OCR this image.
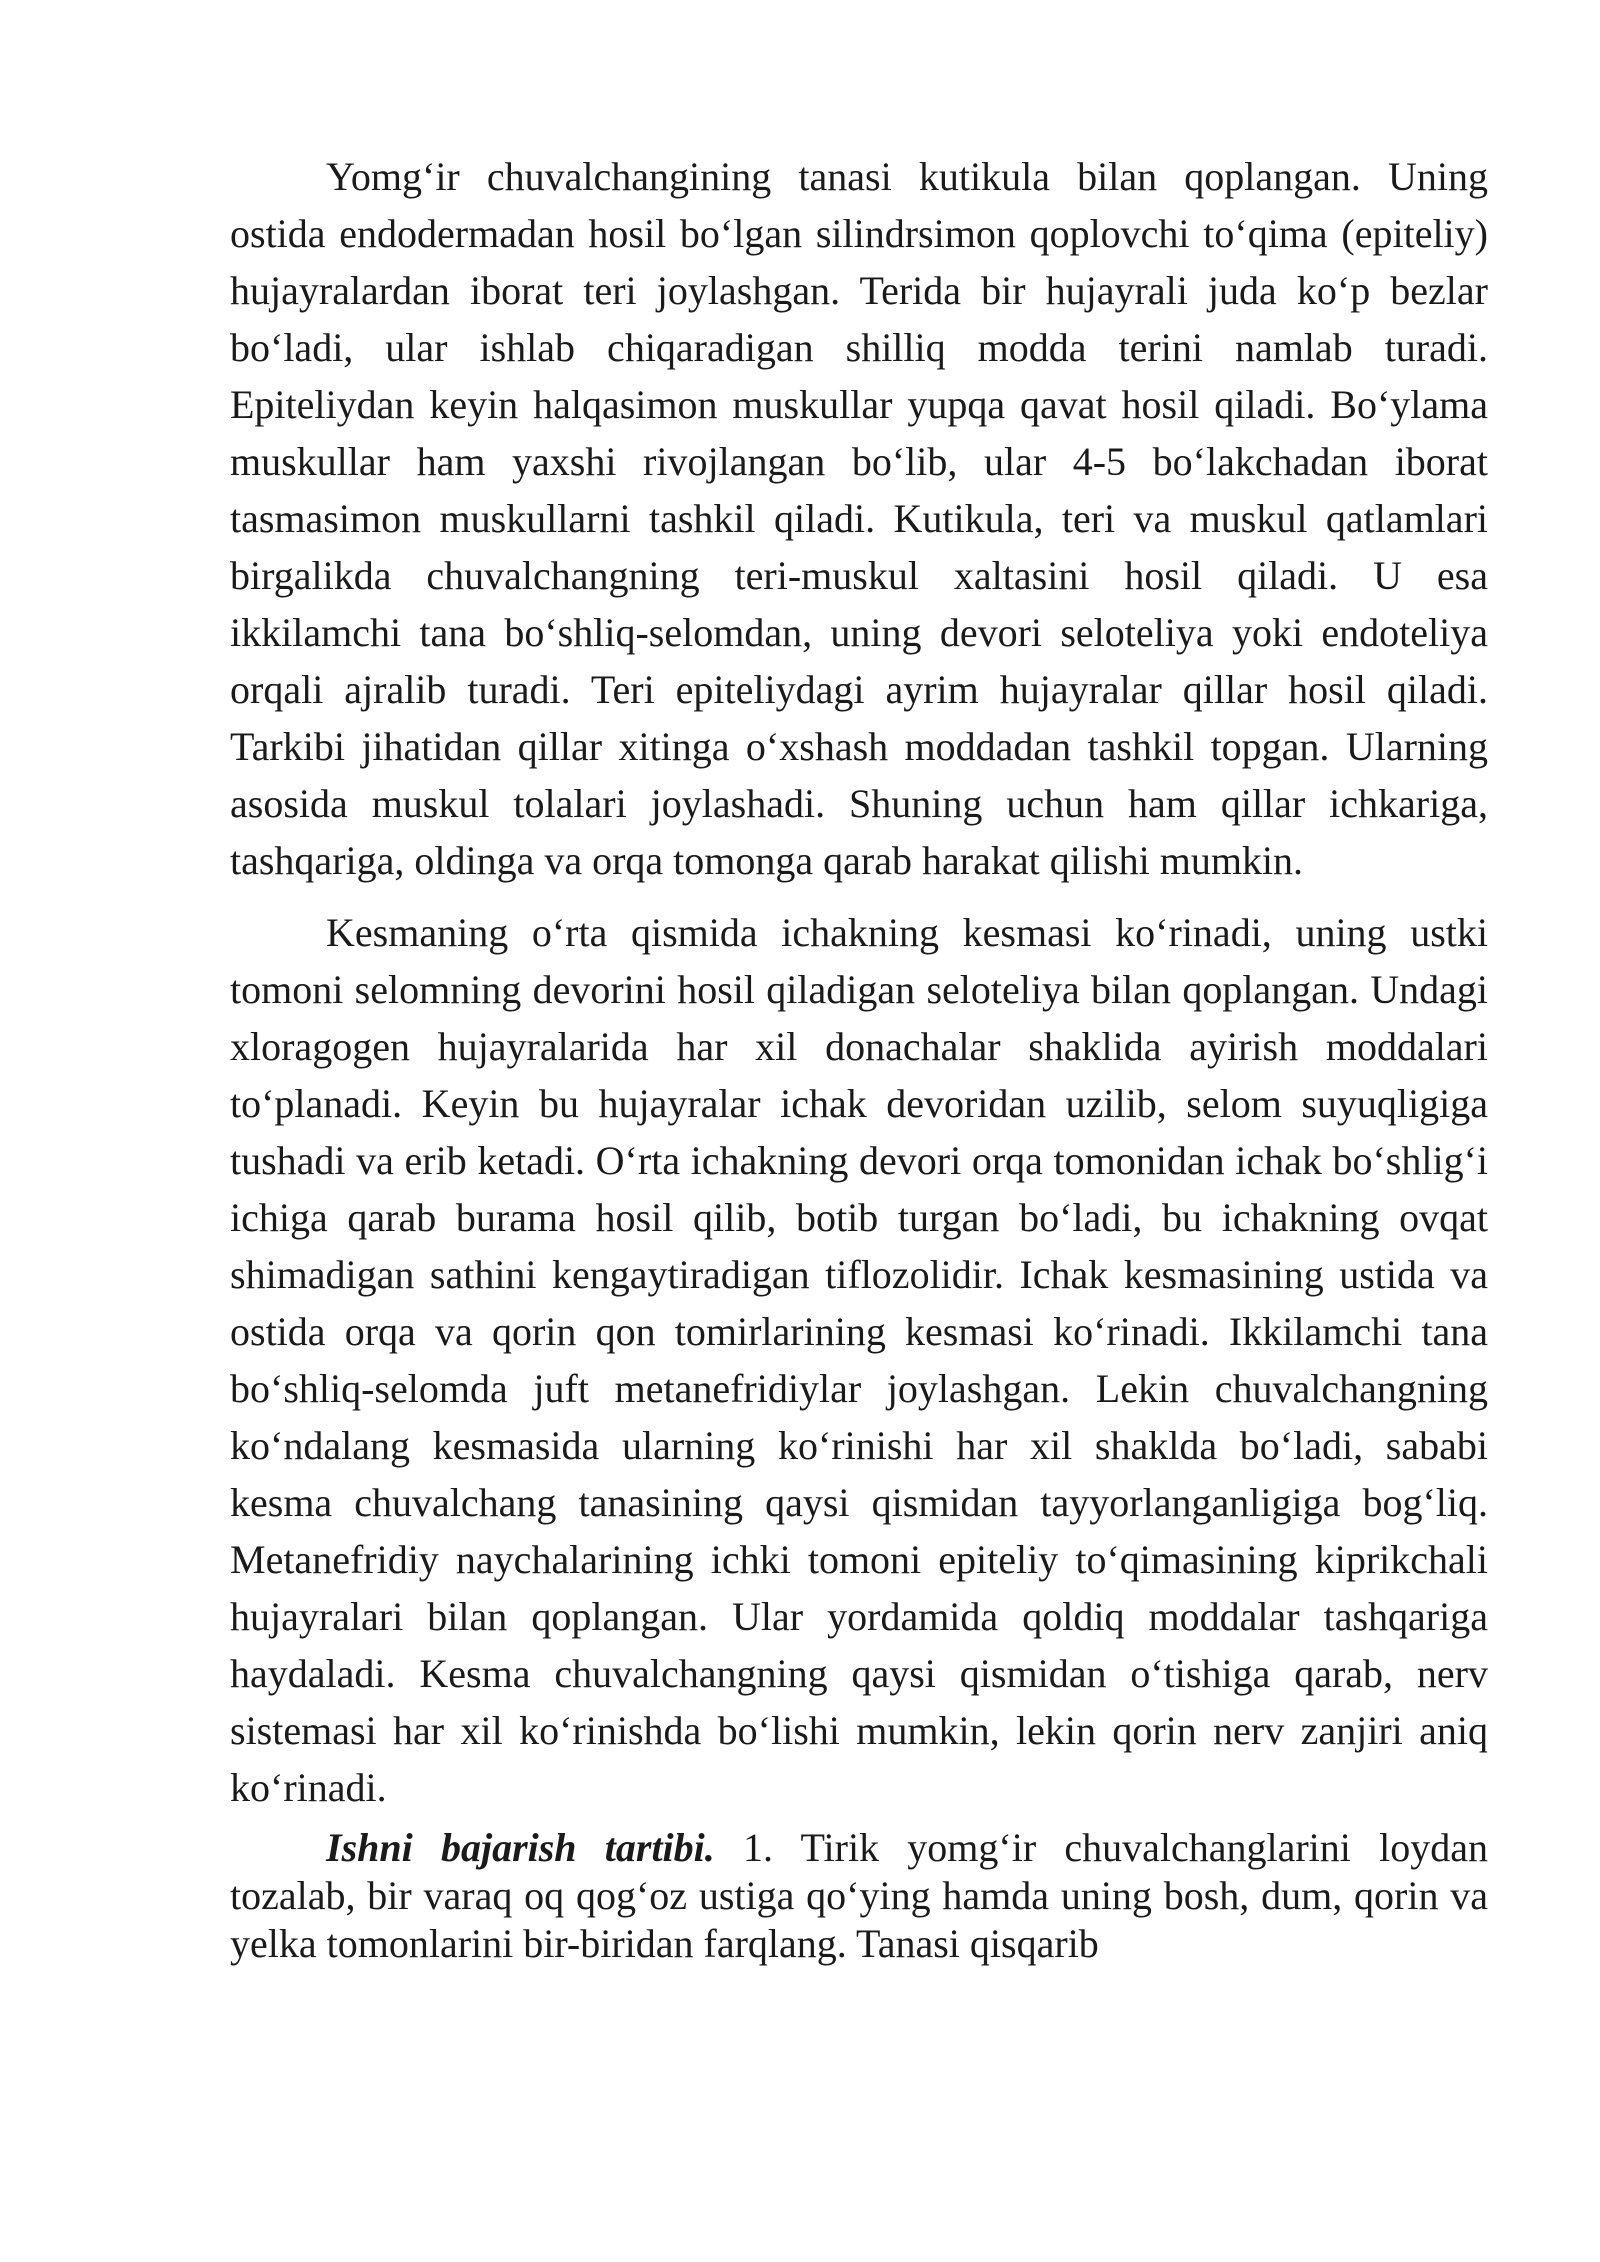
Yomg‘ir chuvalchangining tanasi kutikula bilan qoplangan. Uning ostida endodermadan hosil bo‘lgan silindrsimon qoplovchi to‘qima (epiteliy) hujayralardan iborat teri joylashgan. Terida bir hujayrali juda ko‘p bezlar bo‘ladi, ular ishlab chiqaradigan shilliq modda terini namlab turadi. Epiteliydan keyin halqasimon muskullar yupqa qavat hosil qiladi. Bo‘ylama muskullar ham yaxshi rivojlangan bo‘lib, ular 4-5 bo‘lakchadan iborat tasmasimon muskullarni tashkil qiladi. Kutikula, teri va muskul qatlamlari birgalikda chuvalchangning teri-muskul xaltasini hosil qiladi. U esa ikkilamchi tana bo‘shliq-selomdan, uning devori seloteliya yoki endoteliya orqali ajralib turadi. Teri epiteliydagi ayrim hujayralar qillar hosil qiladi. Tarkibi jihatidan qillar xitinga o‘xshash moddadan tashkil topgan. Ularning asosida muskul tolalari joylashadi. Shuning uchun ham qillar ichkariga, tashqariga, oldinga va orqa tomonga qarab harakat qilishi mumkin.

Kesmaning o‘rta qismida ichakning kesmasi ko‘rinadi, uning ustki tomoni selomning devorini hosil qiladigan seloteliya bilan qoplangan. Undagi xloragogen hujayralarida har xil donachalar shaklida ayirish moddalari to‘planadi. Keyin bu hujayralar ichak devoridan uzilib, selom suyuqligiga tushadi va erib ketadi. O‘rta ichakning devori orqa tomonidan ichak bo‘shlig‘i ichiga qarab burama hosil qilib, botib turgan bo‘ladi, bu ichakning ovqat shimadigan sathini kengaytiradigan tiflozolidir. Ichak kesmasining ustida va ostida orqa va qorin qon tomirlarining kesmasi ko‘rinadi. Ikkilamchi tana bo‘shliq-selomda juft metanefridiylar joylashgan. Lekin chuvalchangning ko‘ndalang kesmasida ularning ko‘rinishi har xil shaklda bo‘ladi, sababi kesma chuvalchang tanasining qaysi qismidan tayyorlanganligiga bog‘liq. Metanefridiy naychalarining ichki tomoni epiteliy to‘qimasining kiprikchali hujayralari bilan qoplangan. Ular yordamida qoldiq moddalar tashqariga haydaladi. Kesma chuvalchangning qaysi qismidan o‘tishiga qarab, nerv sistemasi har xil ko‘rinishda bo‘lishi mumkin, lekin qorin nerv zanjiri aniq ko‘rinadi.

Ishni bajarish tartibi. 1. Tirik yomg‘ir chuvalchanglarini loydan tozalab, bir varaq oq qog‘oz ustiga qo‘ying hamda uning bosh, dum, qorin va yelka tomonlarini bir-biridan farqlang. Tanasi qisqarib
